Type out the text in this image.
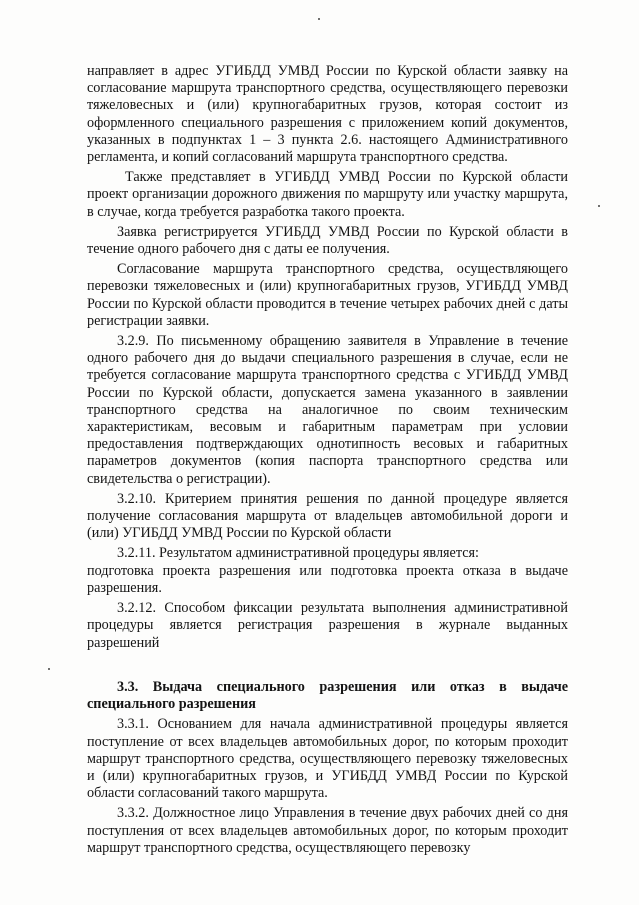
направляет в адрес УГИБДД УМВД России по Курской области заявку на согласование маршрута транспортного средства, осуществляющего перевозки тяжеловесных и (или) крупногабаритных грузов, которая состоит из оформленного специального разрешения с приложением копий документов, указанных в подпунктах 1 – 3 пункта 2.6. настоящего Административного регламента, и копий согласований маршрута транспортного средства.

Также представляет в УГИБДД УМВД России по Курской области проект организации дорожного движения по маршруту или участку маршрута, в случае, когда требуется разработка такого проекта.

Заявка регистрируется УГИБДД УМВД России по Курской области в течение одного рабочего дня с даты ее получения.

Согласование маршрута транспортного средства, осуществляющего перевозки тяжеловесных и (или) крупногабаритных грузов, УГИБДД УМВД России по Курской области проводится в течение четырех рабочих дней с даты регистрации заявки.

3.2.9. По письменному обращению заявителя в Управление в течение одного рабочего дня до выдачи специального разрешения в случае, если не требуется согласование маршрута транспортного средства с УГИБДД УМВД России по Курской области, допускается замена указанного в заявлении транспортного средства на аналогичное по своим техническим характеристикам, весовым и габаритным параметрам при условии предоставления подтверждающих однотипность весовых и габаритных параметров документов (копия паспорта транспортного средства или свидетельства о регистрации).

3.2.10. Критерием принятия решения по данной процедуре является получение согласования маршрута от владельцев автомобильной дороги и (или) УГИБДД УМВД России по Курской области

3.2.11. Результатом административной процедуры является:

подготовка проекта разрешения или подготовка проекта отказа в выдаче разрешения.

3.2.12. Способом фиксации результата выполнения административной процедуры является регистрация разрешения в журнале выданных разрешений

3.3. Выдача специального разрешения или отказ в выдаче специального разрешения

3.3.1. Основанием для начала административной процедуры является поступление от всех владельцев автомобильных дорог, по которым проходит маршрут транспортного средства, осуществляющего перевозку тяжеловесных и (или) крупногабаритных грузов, и УГИБДД УМВД России по Курской области согласований такого маршрута.

3.3.2. Должностное лицо Управления в течение двух рабочих дней со дня поступления от всех владельцев автомобильных дорог, по которым проходит маршрут транспортного средства, осуществляющего перевозку
